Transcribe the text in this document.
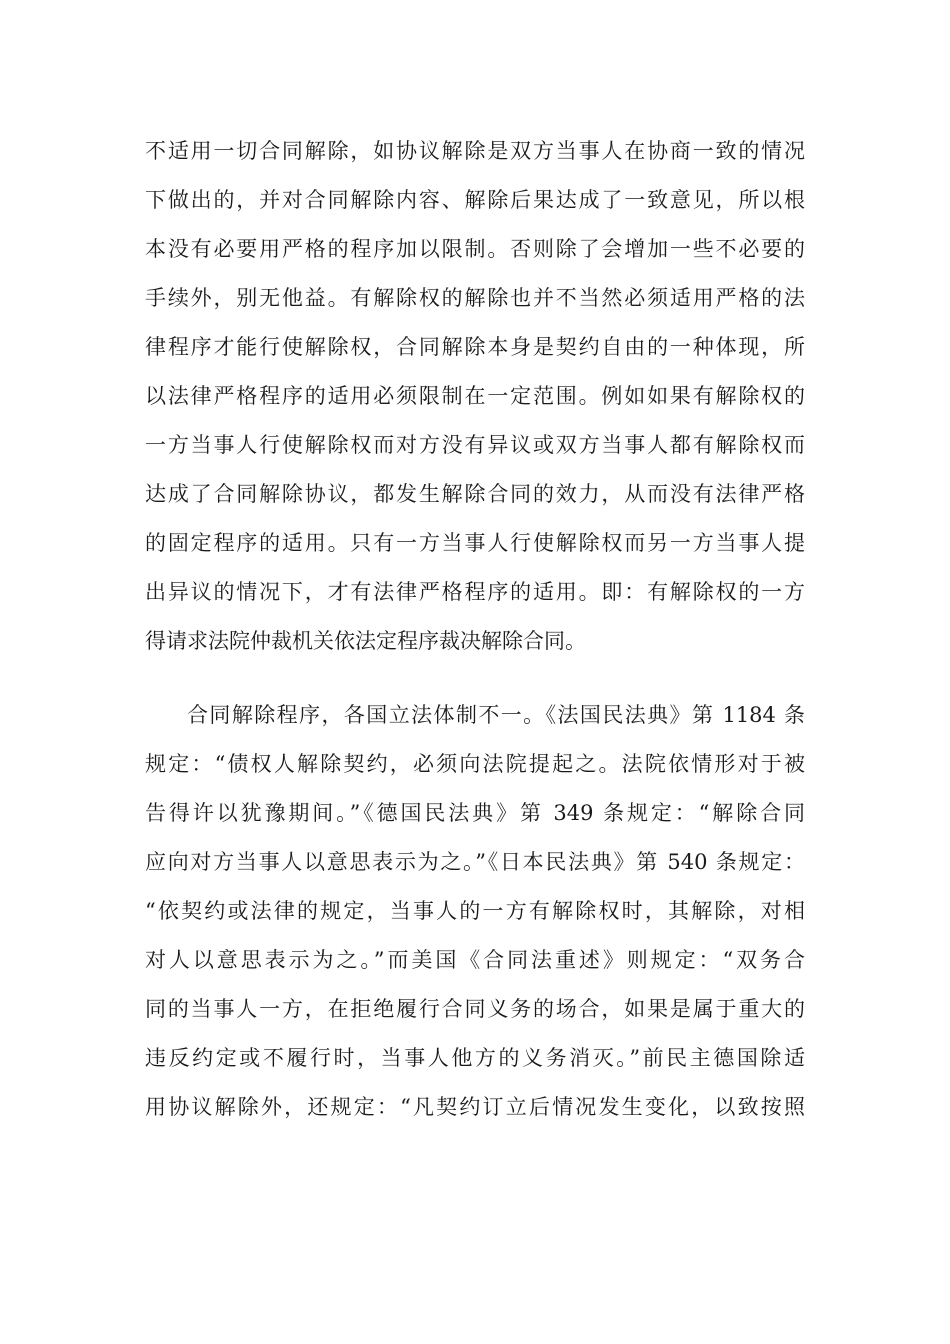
不适用一切合同解除，如协议解除是双方当事人在协商一致的情况
下做出的，并对合同解除内容、解除后果达成了一致意见，所以根
本没有必要用严格的程序加以限制。否则除了会增加一些不必要的
手续外，别无他益。有解除权的解除也并不当然必须适用严格的法
律程序才能行使解除权，合同解除本身是契约自由的一种体现，所
以法律严格程序的适用必须限制在一定范围。例如如果有解除权的
一方当事人行使解除权而对方没有异议或双方当事人都有解除权而
达成了合同解除协议，都发生解除合同的效力，从而没有法律严格
的固定程序的适用。只有一方当事人行使解除权而另一方当事人提
出异议的情况下，才有法律严格程序的适用。即：有解除权的一方
得请求法院仲裁机关依法定程序裁决解除合同。
合同解除程序，各国立法体制不一。《法国民法典》第 1184 条
规定：“债权人解除契约，必须向法院提起之。法院依情形对于被
告得许以犹豫期间。”《德国民法典》第 349 条规定：“解除合同
应向对方当事人以意思表示为之。”《日本民法典》第 540 条规定：
“依契约或法律的规定，当事人的一方有解除权时，其解除，对相
对人以意思表示为之。”而美国《合同法重述》则规定：“双务合
同的当事人一方，在拒绝履行合同义务的场合，如果是属于重大的
违反约定或不履行时，当事人他方的义务消灭。”前民主德国除适
用协议解除外，还规定：“凡契约订立后情况发生变化，以致按照
